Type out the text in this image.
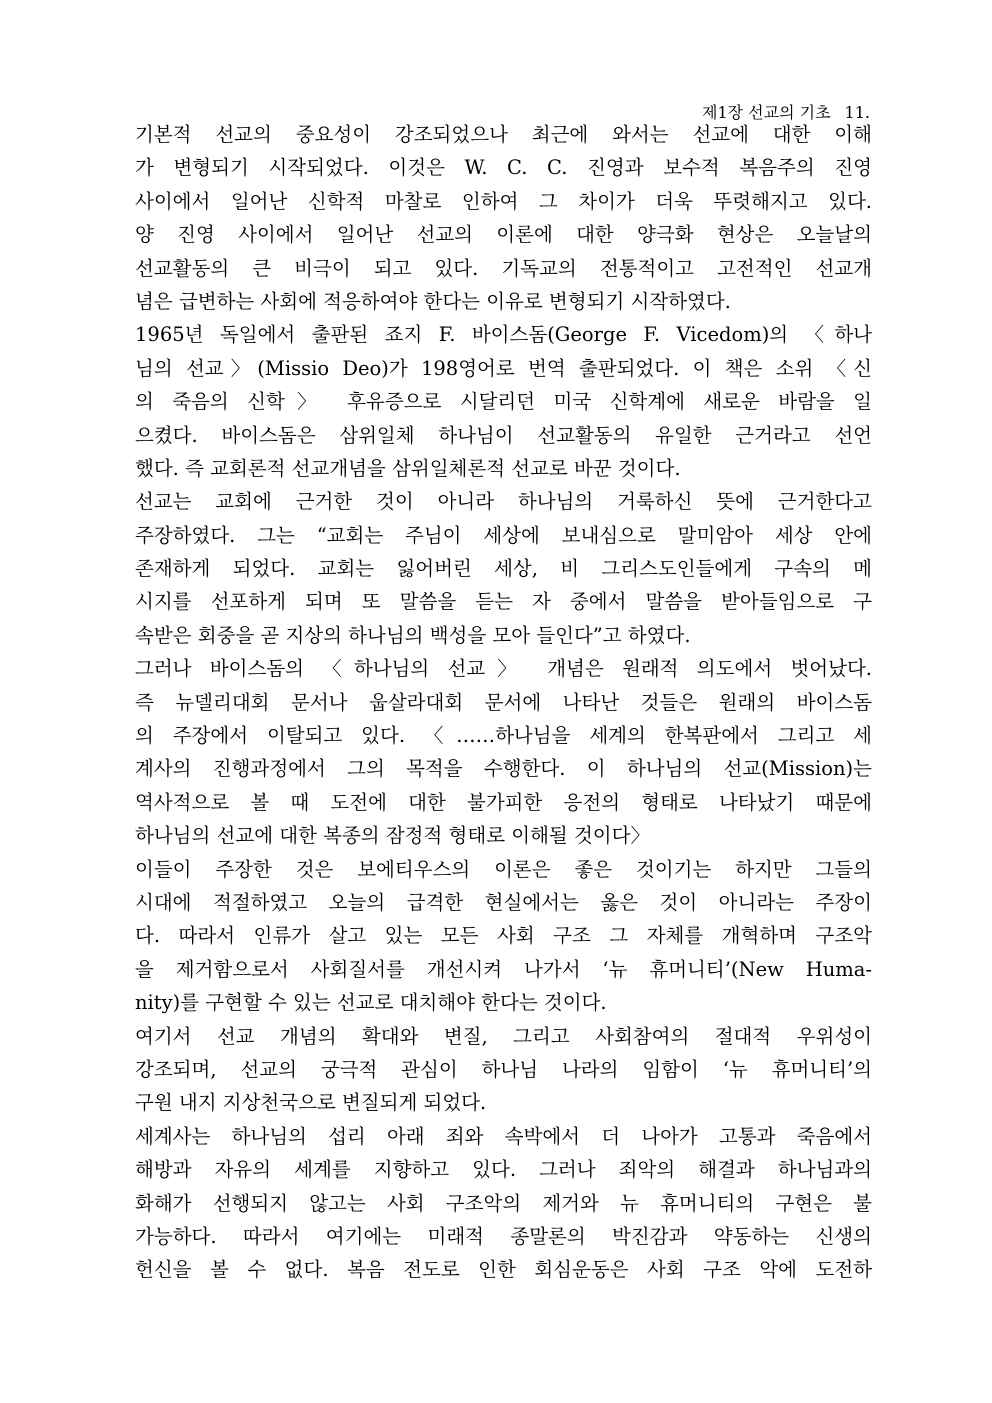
제1장 선교의 기초 11.
기본적 선교의 중요성이 강조되었으나 최근에 와서는 선교에 대한 이해
가 변형되기 시작되었다. 이것은 W. C. C. 진영과 보수적 복음주의 진영
사이에서 일어난 신학적 마찰로 인하여 그 차이가 더욱 뚜렷해지고 있다.
양 진영 사이에서 일어난 선교의 이론에 대한 양극화 현상은 오늘날의
선교활동의 큰 비극이 되고 있다. 기독교의 전통적이고 고전적인 선교개
념은 급변하는 사회에 적응하여야 한다는 이유로 변형되기 시작하였다.
1965년 독일에서 출판된 죠지 F. 바이스돔(George F. Vicedom)의 〈하나
님의 선교〉(Missio Deo)가 198영어로 번역 출판되었다. 이 책은 소위 〈신
의 죽음의 신학〉 후유증으로 시달리던 미국 신학계에 새로운 바람을 일
으켰다. 바이스돔은 삼위일체 하나님이 선교활동의 유일한 근거라고 선언
했다. 즉 교회론적 선교개념을 삼위일체론적 선교로 바꾼 것이다.
선교는 교회에 근거한 것이 아니라 하나님의 거룩하신 뜻에 근거한다고
주장하였다. 그는 “교회는 주님이 세상에 보내심으로 말미암아 세상 안에
존재하게 되었다. 교회는 잃어버린 세상, 비 그리스도인들에게 구속의 메
시지를 선포하게 되며 또 말씀을 듣는 자 중에서 말씀을 받아들임으로 구
속받은 회중을 곧 지상의 하나님의 백성을 모아 들인다”고 하였다.
그러나 바이스돔의 〈하나님의 선교〉 개념은 원래적 의도에서 벗어났다.
즉 뉴델리대회 문서나 웁살라대회 문서에 나타난 것들은 원래의 바이스돔
의 주장에서 이탈되고 있다. 〈……하나님을 세계의 한복판에서 그리고 세
계사의 진행과정에서 그의 목적을 수행한다. 이 하나님의 선교(Mission)는
역사적으로 볼 때 도전에 대한 불가피한 응전의 형태로 나타났기 때문에
하나님의 선교에 대한 복종의 잠정적 형태로 이해될 것이다〉
이들이 주장한 것은 보에티우스의 이론은 좋은 것이기는 하지만 그들의
시대에 적절하였고 오늘의 급격한 현실에서는 옳은 것이 아니라는 주장이
다. 따라서 인류가 살고 있는 모든 사회 구조 그 자체를 개혁하며 구조악
을 제거함으로서 사회질서를 개선시켜 나가서 ‘뉴 휴머니티’(New Huma-
nity)를 구현할 수 있는 선교로 대치해야 한다는 것이다.
여기서 선교 개념의 확대와 변질, 그리고 사회참여의 절대적 우위성이
강조되며, 선교의 궁극적 관심이 하나님 나라의 임함이 ‘뉴 휴머니티’의
구원 내지 지상천국으로 변질되게 되었다.
세계사는 하나님의 섭리 아래 죄와 속박에서 더 나아가 고통과 죽음에서
해방과 자유의 세계를 지향하고 있다. 그러나 죄악의 해결과 하나님과의
화해가 선행되지 않고는 사회 구조악의 제거와 뉴 휴머니티의 구현은 불
가능하다. 따라서 여기에는 미래적 종말론의 박진감과 약동하는 신생의
헌신을 볼 수 없다. 복음 전도로 인한 회심운동은 사회 구조 악에 도전하
